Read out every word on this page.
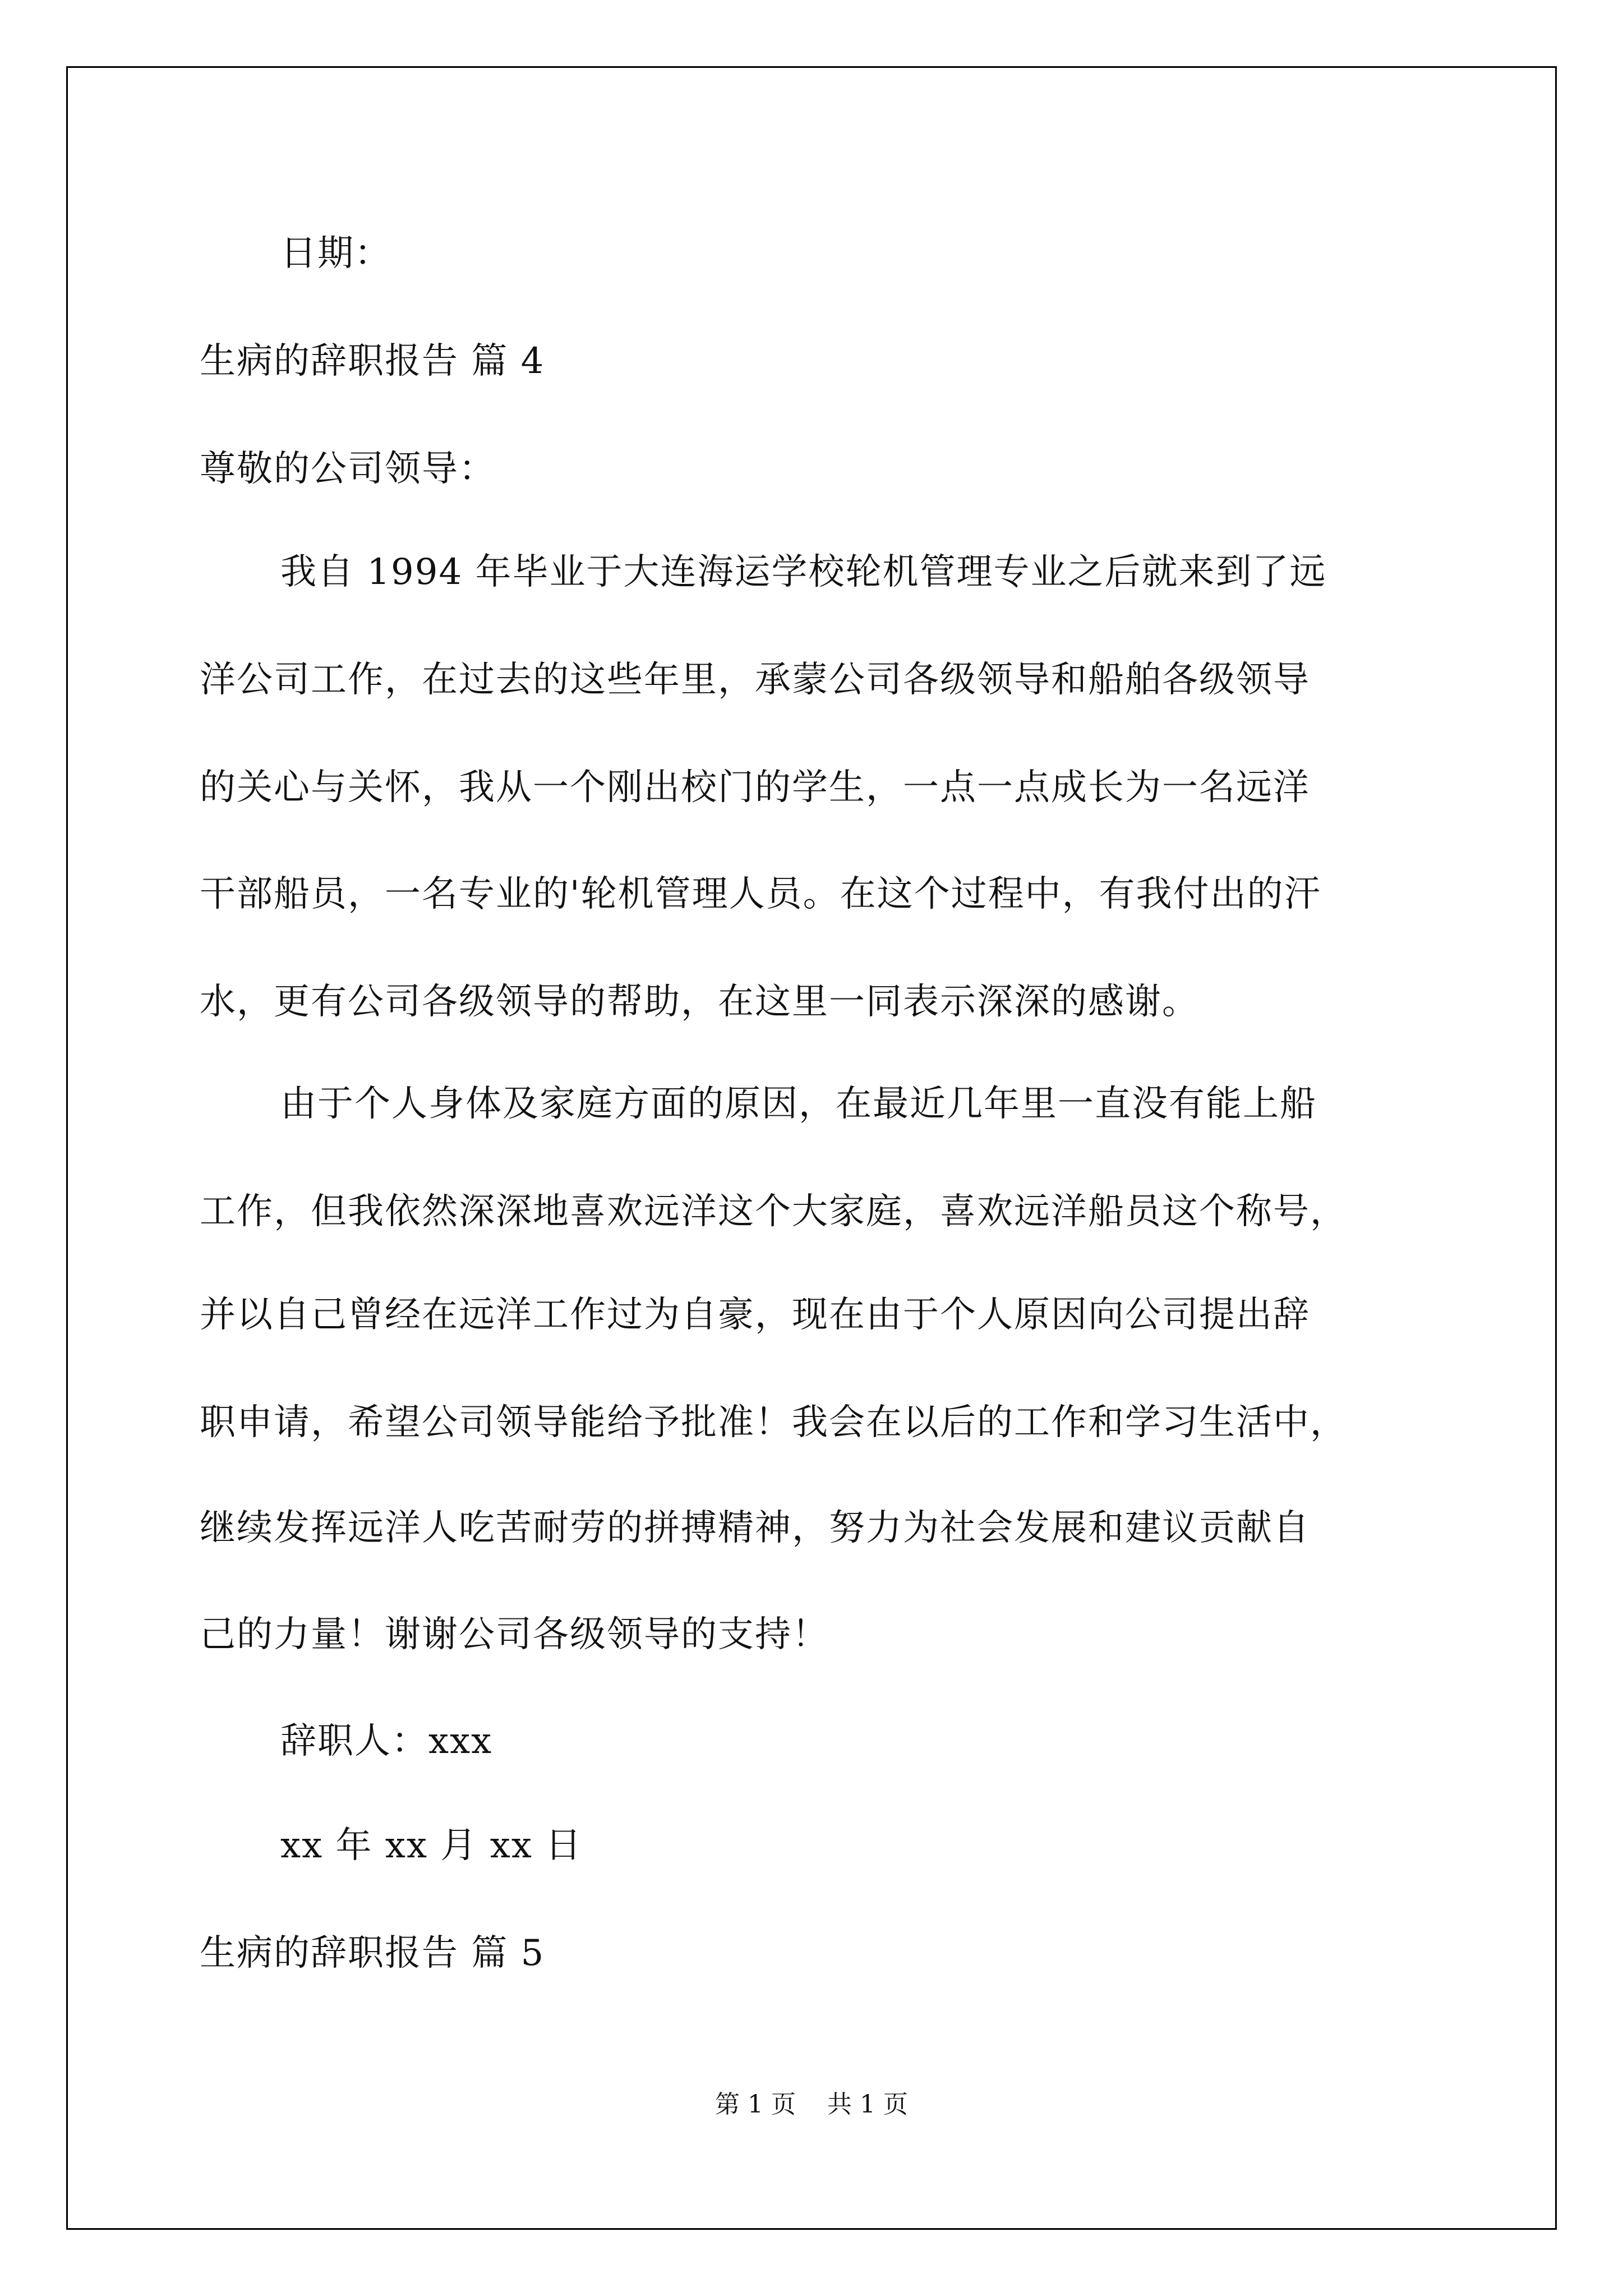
日期：
生病的辞职报告 篇 4
尊敬的公司领导：
我自 1994 年毕业于大连海运学校轮机管理专业之后就来到了远
洋公司工作，在过去的这些年里，承蒙公司各级领导和船舶各级领导
的关心与关怀，我从一个刚出校门的学生，一点一点成长为一名远洋
干部船员，一名专业的'轮机管理人员。在这个过程中，有我付出的汗
水，更有公司各级领导的帮助，在这里一同表示深深的感谢。
由于个人身体及家庭方面的原因，在最近几年里一直没有能上船
工作，但我依然深深地喜欢远洋这个大家庭，喜欢远洋船员这个称号，
并以自己曾经在远洋工作过为自豪，现在由于个人原因向公司提出辞
职申请，希望公司领导能给予批准！我会在以后的工作和学习生活中，
继续发挥远洋人吃苦耐劳的拼搏精神，努力为社会发展和建议贡献自
己的力量！谢谢公司各级领导的支持！
辞职人：xxx
xx 年 xx 月 xx 日
生病的辞职报告 篇 5
第 1 页    共 1 页
